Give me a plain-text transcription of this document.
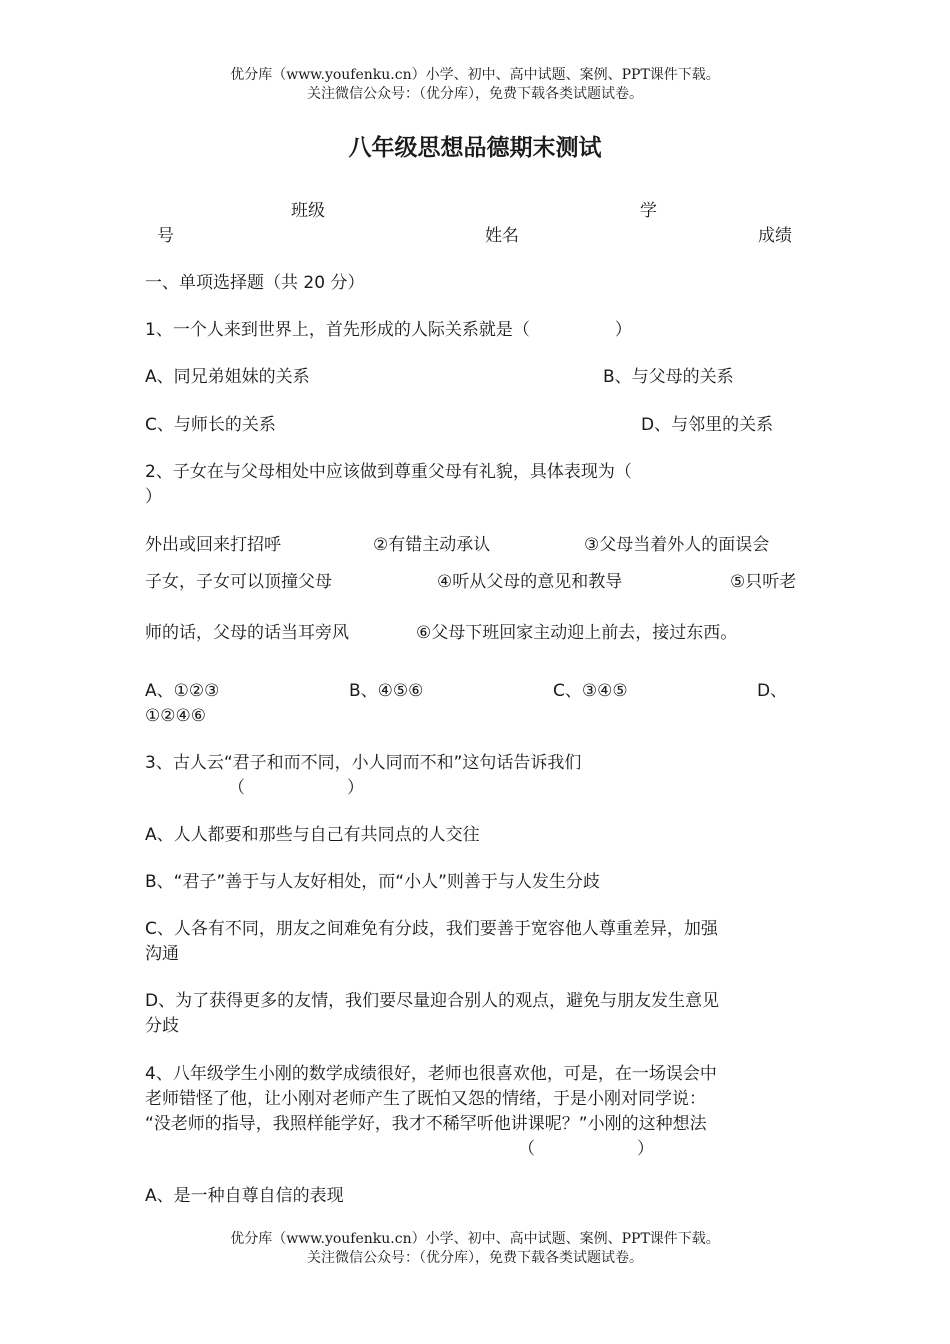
优分库（www.youfenku.cn）小学、初中、高中试题、案例、PPT课件下载。
关注微信公众号：（优分库），免费下载各类试题试卷。
八年级思想品德期末测试
班级	学
号	姓名	成绩
一、单项选择题（共 20 分）
1、一个人来到世界上，首先形成的人际关系就是（　　　　　）
A、同兄弟姐妹的关系	B、与父母的关系
C、与师长的关系	D、与邻里的关系
2、子女在与父母相处中应该做到尊重父母有礼貌，具体表现为（
）
外出或回来打招呼	②有错主动承认	③父母当着外人的面误会
子女，子女可以顶撞父母	④听从父母的意见和教导	⑤只听老
师的话，父母的话当耳旁风	⑥父母下班回家主动迎上前去，接过东西。
A、①②③	B、④⑤⑥	C、③④⑤	D、
①②④⑥
3、古人云“君子和而不同，小人同而不和”这句话告诉我们
（　　　　　　）
A、人人都要和那些与自己有共同点的人交往
B、“君子”善于与人友好相处，而“小人”则善于与人发生分歧
C、人各有不同，朋友之间难免有分歧，我们要善于宽容他人尊重差异，加强
沟通
D、为了获得更多的友情，我们要尽量迎合别人的观点，避免与朋友发生意见
分歧
4、八年级学生小刚的数学成绩很好，老师也很喜欢他，可是，在一场误会中
老师错怪了他，让小刚对老师产生了既怕又怨的情绪，于是小刚对同学说：
“没老师的指导，我照样能学好，我才不稀罕听他讲课呢？”小刚的这种想法
（　　　　　　）
A、是一种自尊自信的表现
优分库（www.youfenku.cn）小学、初中、高中试题、案例、PPT课件下载。
关注微信公众号：（优分库），免费下载各类试题试卷。
